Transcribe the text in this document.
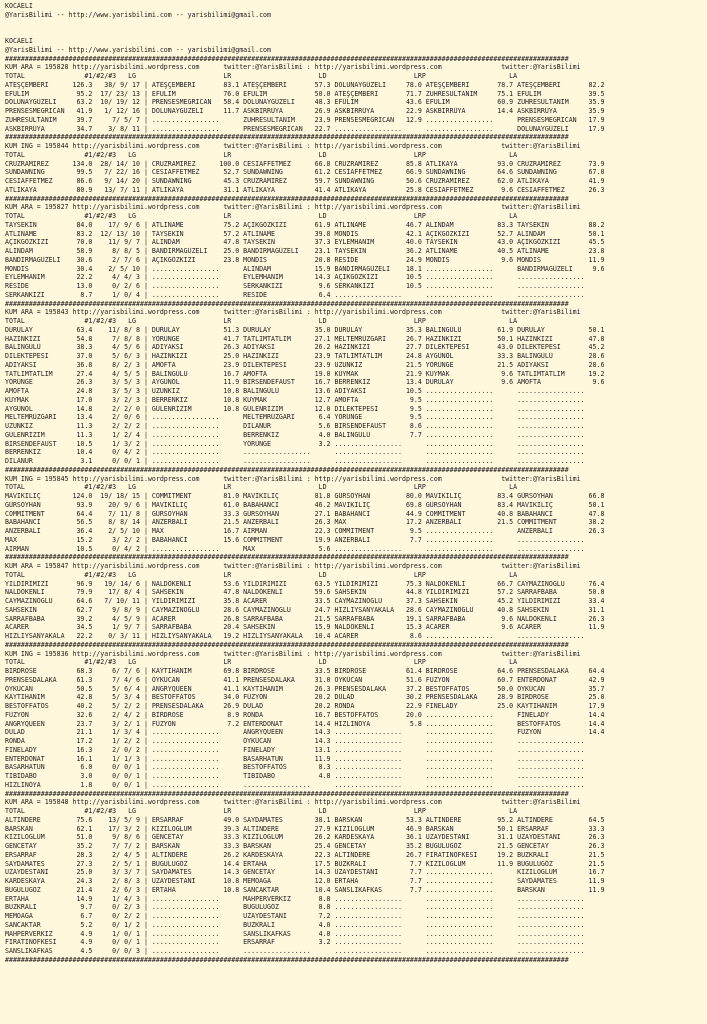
KOCAELI
@YarisBilimi -- http://www.yarisbilimi.com -- yarisbilimi@gmail.com
KOCAELI
@YarisBilimi -- http://www.yarisbilimi.com -- yarisbilimi@gmail.com
##############################################################################################################################################
KUM ARA = 195828 http://yarisbilimi.wordpress.com      twitter:@YarisBilimi : http://yarisbilimi.wordpress.com               twitter:@YarisBilimi
TOTAL               #1/#2/#3   LG                      LR                      LD                      LRP                     LA
ATEŞÇEMBERI      126.3   38/ 9/ 17 | ATEŞÇEMBERI       83.1 ATEŞÇEMBERI       57.3 DOLUNAYGÜZELI     78.0 ATEŞÇEMBERI       78.7 ATEŞÇEMBERI       82.2
EFULIM            95.2  17/ 23/ 13 | EFULIM            76.0 EFULIM            50.0 ATEŞÇEMBERI       71.7 ZUHRESULTANIM     75.1 EFULIM            39.5
DOLUNAYGÜZELI     63.2  10/ 19/ 12 | PRENSESMEGRICAN   58.4 DOLUNAYGÜZELI     48.3 EFULIM            43.6 EFULIM            60.9 ZUHRESULTANIM     35.9
PRENSESMEGRICAN   41.9   1/ 12/ 16 | DOLUNAYGÜZELI     11.7 ASKBIRRÜYA        26.9 ASKBIRRÜYA        22.9 ASKBIRRÜYA        14.4 ASKBIRRÜYA        35.9
ZUHRESULTANIM     39.7     7/ 5/ 7 | .................      ZUHRESULTANIM     23.9 PRENSESMEGRICAN   12.9 .................      PRENSESMEGRICAN   17.9
ASKBIRRÜYA        34.7    3/ 8/ 11 | .................      PRENSESMEGRICAN   22.7 .................      .................      DOLUNAYGÜZELI     17.9
##############################################################################################################################################
KUM ING = 195844 http://yarisbilimi.wordpress.com      twitter:@YarisBilimi : http://yarisbilimi.wordpress.com               twitter:@YarisBilimi
TOTAL               #1/#2/#3   LG                      LR                      LD                      LRP                     LA
CRUZRAMIREZ      134.0  28/ 14/ 10 | CRUZRAMIREZ      100.0 CESIAFFETMEZ      66.8 CRUZRAMIREZ       85.8 ATLIKAYA          93.0 CRUZRAMIREZ       73.9
SUNDAWNING        99.5   7/ 22/ 16 | CESIAFFETMEZ      52.7 SUNDAWNING        61.2 CESIAFFETMEZ      66.9 SUNDAWNING        64.6 SUNDAWNING        67.0
CESIAFFETMEZ      86.6   9/ 14/ 20 | SUNDAWNING        45.3 CRUZRAMIREZ       59.7 SUNDAWNING        50.6 CRUZRAMIREZ       62.0 ATLIKAYA          41.9
ATLIKAYA          80.9   13/ 7/ 11 | ATLIKAYA          31.1 ATLIKAYA          41.4 ATLIKAYA          25.8 CESIAFFETMEZ       9.6 CESIAFFETMEZ      26.3
##############################################################################################################################################
KUM ARA = 195827 http://yarisbilimi.wordpress.com      twitter:@YarisBilimi : http://yarisbilimi.wordpress.com               twitter:@YarisBilimi
TOTAL               #1/#2/#3   LG                      LR                      LD                      LRP                     LA
TAYSEKIN          84.0    17/ 9/ 6 | ATLINAME          75.2 AÇIKGÖZKIZI       61.9 ATLINAME          46.7 ALINDAM           83.3 TAYSEKIN          88.2
ATLINAME          83.2  12/ 13/ 10 | TAYSEKIN          57.2 ATLINAME          39.8 MONDIS            42.1 AÇIKGÖZKIZI       52.7 ALINDAM           50.1
AÇIKGÖZKIZI       70.0    11/ 9/ 7 | ALINDAM           47.8 TAYSEKIN          37.3 EYLEMHANIM        40.0 TAYSEKIN          43.0 AÇIKGÖZKIZI       45.5
ALINDAM           58.9     8/ 8/ 5 | BANDIRMAGÜZELI    25.0 BANDIRMAGÜZELI    23.1 TAYSEKIN          36.2 ATLINAME          40.5 ATLINAME          23.8
BANDIRMAGÜZELI    30.6     2/ 7/ 6 | AÇIKGÖZKIZI       23.8 MONDIS            20.8 RESIDE            24.9 MONDIS             9.6 MONDIS            11.9
MONDIS            30.4    2/ 5/ 10 | .................      ALINDAM           15.9 BANDIRMAGÜZELI    18.1 .................      BANDIRMAGÜZELI     9.6
EYLEMHANIM        22.2     4/ 4/ 3 | .................      EYLEMHANIM        14.3 AÇIKGÖZKIZI       10.5 .................      .................
RESIDE            13.0     0/ 2/ 6 | .................      SERKANKIZI         9.6 SERKANKIZI        10.5 .................      .................
SERKANKIZI         8.7     1/ 0/ 4 | .................      RESIDE             6.4 .................      .................      .................
##############################################################################################################################################
KUM ARA = 195843 http://yarisbilimi.wordpress.com      twitter:@YarisBilimi : http://yarisbilimi.wordpress.com               twitter:@YarisBilimi
TOTAL               #1/#2/#3   LG                      LR                      LD                      LRP                     LA
DURULAY           63.4    11/ 8/ 8 | DURULAY           51.3 DURULAY           35.0 DURULAY           35.3 BALINGÜLÜ         61.9 DURULAY           50.1
HAZINKIZI         54.8     7/ 8/ 8 | YÖRÜNGE           41.7 TATLIMTATLIM      27.1 MELTEMRÜZGARI     26.7 HAZINKIZI         50.1 HAZINKIZI         47.8
BALINGÜLÜ         38.3     4/ 5/ 6 | ADIYAKSI          26.3 ADIYAKSI          26.2 HAZINKIZI         27.7 DILEKTEPESI       43.0 DILEKTEPESI       45.2
DILEKTEPESI       37.0     5/ 6/ 3 | HAZINKIZI         25.0 HAZINKIZI         23.9 TATLIMTATLIM      24.8 AYGÜNÖL           33.3 BALINGÜLÜ         28.6
ADIYAKSI          36.8     8/ 2/ 3 | AMOFTA            23.9 DILEKTEPESI       23.9 UZUNKIZ           21.5 YÖRÜNGE           21.5 ADIYAKSI          28.6
TATLIMTATLIM      27.4     4/ 5/ 5 | BALINGÜLÜ         16.7 AMOFTA            19.0 KUYMAK            21.9 KUYMAK             9.6 TATLIMTATLIM      19.2
YÖRÜNGE           26.3     3/ 5/ 3 | AYGÜNÖL           11.9 BIRSENDEFAUST     16.7 BERRENKIZ         13.4 DURULAY            9.6 AMOFTA             9.6
AMOFTA            24.8     3/ 5/ 3 | UZUNKIZ           10.8 BALINGÜLÜ         13.6 ADIYAKSI          10.5 .................      .................
KUYMAK            17.0     3/ 2/ 3 | BERRENKIZ         10.8 KUYMAK            12.7 AMOFTA             9.5 .................      .................
AYGÜNÖL           14.8     2/ 2/ 0 | GÜLENRIZIM        10.8 GÜLENRIZIM        12.0 DILEKTEPESI        9.5 .................      .................
MELTEMRÜZGARI     13.4     2/ 0/ 6 | .................      MELTEMRÜZGARI      6.4 YÖRÜNGE            9.5 .................      .................
UZUNKIZ           11.3     2/ 2/ 2 | .................      DILANUR            5.6 BIRSENDEFAUST      8.6 .................      .................
GÜLENRIZIM        11.3     1/ 2/ 4 | .................      BERRENKIZ          4.0 BALINGÜLÜ          7.7 .................      .................
BIRSENDEFAUST     10.5     1/ 3/ 2 | .................      YÖRÜNGE            3.2 .................      .................      .................
BERRENKIZ         10.4     0/ 4/ 2 | .................      .................      .................      .................      .................
DILANUR            3.1     0/ 0/ 1 | .................      .................      .................      .................      .................
##############################################################################################################################################
KUM ING = 195845 http://yarisbilimi.wordpress.com      twitter:@YarisBilimi : http://yarisbilimi.wordpress.com               twitter:@YarisBilimi
TOTAL               #1/#2/#3   LG                      LR                      LD                      LRP                     LA
MAVIKILIÇ        124.0  19/ 18/ 15 | COMMITMENT        81.0 MAVIKILIÇ         81.8 GÜRSOYHAN         80.0 MAVIKILIÇ         83.4 GÜRSOYHAN         66.8
GÜRSOYHAN         93.9    20/ 9/ 6 | MAVIKILIÇ         61.0 BABAHANCI         46.2 MAVIKILIÇ         69.8 GÜRSOYHAN         83.4 MAVIKILIÇ         50.1
COMMITMENT        64.4    7/ 11/ 8 | GÜRSOYHAN         33.3 GÜRSOYHAN         27.1 BABAHANCI         44.9 COMMITMENT        40.8 BABAHANCI         47.8
BABAHANCI         56.5    8/ 8/ 14 | ANZERBALI         21.5 ANZERBALI         26.3 MAX               17.2 ANZERBALI         21.5 COMMITMENT        38.2
ANZERBALI         36.4    2/ 5/ 10 | MAX               16.7 AIRMAN            22.3 COMMITMENT         9.5 .................      ANZERBALI         26.3
MAX               15.2     3/ 2/ 2 | BABAHANCI         15.6 COMMITMENT        19.9 ANZERBALI          7.7 .................      .................
AIRMAN            10.5     0/ 4/ 2 | .................      MAX                5.6 .................      .................      .................
##############################################################################################################################################
KUM ARA = 195847 http://yarisbilimi.wordpress.com      twitter:@YarisBilimi : http://yarisbilimi.wordpress.com               twitter:@YarisBilimi
TOTAL               #1/#2/#3   LG                      LR                      LD                      LRP                     LA
YILDIRIMIZI       96.9   19/ 14/ 6 | NALDÖKENLI        53.6 YILDIRIMIZI       63.5 YILDIRIMIZI       75.3 NALDÖKENLI        66.7 CAYMAZINOGLU      76.4
NALDÖKENLI        79.9    17/ 8/ 4 | SAHSEKIN          47.8 NALDÖKENLI        59.6 SAHSEKIN          44.8 YILDIRIMIZI       57.2 SARRAFBABA        50.0
CAYMAZINOGLU      64.6   7/ 10/ 11 | YILDIRIMIZI       35.8 ACARER            33.5 CAYMAZINOGLU      37.3 SAHSEKIN          45.2 YILDIRIMIZI       33.4
SAHSEKIN          62.7     9/ 8/ 9 | CAYMAZINOGLU      28.6 CAYMAZINOGLU      24.7 HIZLIYSANYAKALA   28.6 CAYMAZINOGLU      40.8 SAHSEKIN          31.1
SARRAFBABA        39.2     4/ 5/ 9 | ACARER            26.8 SARRAFBABA        21.5 SARRAFBABA        19.1 SARRAFBABA         9.6 NALDÖKENLI        26.3
ACARER            34.5     1/ 9/ 7 | SARRAFBABA        20.4 SAHSEKIN          15.9 NALDÖKENLI        15.3 ACARER             9.6 ACARER            11.9
HIZLIYSANYAKALA   22.2    0/ 3/ 11 | HIZLIYSANYAKALA   19.2 HIZLIYSANYAKALA   10.4 ACARER             8.6 .................      .................
##############################################################################################################################################
KUM ING = 195836 http://yarisbilimi.wordpress.com      twitter:@YarisBilimi : http://yarisbilimi.wordpress.com               twitter:@YarisBilimi
TOTAL               #1/#2/#3   LG                      LR                      LD                      LRP                     LA
BIRDROSE          68.3     6/ 7/ 6 | KAYTIHANIM        69.8 BIRDROSE          33.5 BIRDROSE          61.4 BIRDROSE          64.6 PRENSESDALAKA     64.4
PRENSESDALAKA     61.3     7/ 4/ 6 | ÖYKÜCAN           41.1 PRENSESDALAKA     31.0 ÖYKÜCAN           51.6 FÜZYON            60.7 ENTERDONAT        42.9
ÖYKÜCAN           50.5     5/ 6/ 4 | ANGRYQUEEN        41.1 KAYTIHANIM        26.3 PRENSESDALAKA     37.2 BESTOFFATOS       50.0 ÖYKÜCAN           35.7
KAYTIHANIM        42.8     5/ 3/ 4 | BESTOFFATOS       34.0 FÜZYON            20.2 DULAD             30.2 PRENSESDALAKA     28.9 BIRDROSE          25.0
BESTOFFATOS       40.2     5/ 2/ 2 | PRENSESDALAKA     26.9 DULAD             20.2 RONDA             22.9 FINELADY          25.0 KAYTIHANIM        17.9
FÜZYON            32.6     2/ 4/ 2 | BIRDROSE           8.9 RONDA             16.7 BESTOFFATOS       20.0 .................      FINELADY          14.4
ANGRYQUEEN        23.7     3/ 2/ 1 | FÜZYON             7.2 ENTERDONAT        14.4 HIZLINOYA          5.8 .................      BESTOFFATOS       14.4
DULAD             21.1     1/ 3/ 4 | .................      ANGRYQUEEN        14.3 .................      .................      FÜZYON            14.4
RONDA             17.2     1/ 2/ 2 | .................      ÖYKÜCAN           14.3 .................      .................      .................
FINELADY          16.3     2/ 0/ 2 | .................      FINELADY          13.1 .................      .................      .................
ENTERDONAT        16.1     1/ 1/ 3 | .................      BASARHATUN        11.9 .................      .................      .................
BASARHATUN         6.0     0/ 0/ 1 | .................      BESTOFFATOS        8.3 .................      .................      .................
TIBIDABO           3.0     0/ 0/ 1 | .................      TIBIDABO           4.8 .................      .................      .................
HIZLINOYA          1.8     0/ 0/ 1 | .................      .................      .................      .................      .................
##############################################################################################################################################
KUM ARA = 195848 http://yarisbilimi.wordpress.com      twitter:@YarisBilimi : http://yarisbilimi.wordpress.com               twitter:@YarisBilimi
TOTAL               #1/#2/#3   LG                      LR                      LD                      LRP                     LA
ALTINDERE         75.6    13/ 5/ 9 | ERSARRAF          49.0 SAYDAMATES        38.1 BARSKAN           53.3 ALTINDERE         95.2 ALTINDERE         64.5
BARSKAN           62.1    17/ 3/ 2 | KIZILOGLUM        39.3 ALTINDERE         27.9 KIZILOGLUM        46.9 BARSKAN           50.1 ERSARRAF          33.3
KIZILOGLUM        51.0     9/ 8/ 6 | GENCETAY          33.3 KIZILOGLUM        26.2 KARDESKAYA        36.1 UZAYDESTANI       31.1 UZAYDESTANI       26.3
GENCETAY          35.2     7/ 7/ 2 | BARSKAN           33.3 BARSKAN           25.4 GENCETAY          35.2 BUGULUGÖZ         21.5 GENCETAY          26.3
ERSARRAF          28.3     2/ 4/ 5 | ALTINDERE         26.2 KARDESKAYA        22.3 ALTINDERE         26.7 FIRATINÖFKESI     19.2 BUZKRALI          21.5
SAYDAMATES        27.3     2/ 5/ 1 | BUGULUGÖZ         14.4 ERTAHA            17.5 BUZKRALI           7.7 KIZILOGLUM        11.9 BUGULUGÖZ         21.5
UZAYDESTANI       25.0     3/ 3/ 7 | SAYDAMATES        14.3 GENCETAY          14.3 UZAYDESTANI        7.7 .................      KIZILOGLUM        16.7
KARDESKAYA        24.3     2/ 8/ 3 | UZAYDESTANI       10.8 MEMOAGA           12.0 ERTAHA             7.7 .................      SAYDAMATES        11.9
BUGULUGÖZ         21.4     2/ 6/ 3 | ERTAHA            10.8 SANCAKTAR         10.4 SANSLIKAFKAS       7.7 .................      BARSKAN           11.9
ERTAHA            14.9     1/ 4/ 3 | .................      MAHPERVERKIZ       8.8 .................      .................      .................
BUZKRALI           9.7     0/ 2/ 3 | .................      BUGULUGÖZ          8.8 .................      .................      .................
MEMOAGA            6.7     0/ 2/ 2 | .................      UZAYDESTANI        7.2 .................      .................      .................
SANCAKTAR          5.2     0/ 1/ 2 | .................      BUZKRALI           4.0 .................      .................      .................
MAHPERVERKIZ       4.9     1/ 0/ 1 | .................      SANSLIKAFKAS       4.0 .................      .................      .................
FIRATINÖFKESI      4.9     0/ 0/ 1 | .................      ERSARRAF           3.2 .................      .................      .................
SANSLIKAFKAS       4.5     0/ 0/ 3 | .................      .................      .................      .................      .................
##############################################################################################################################################
